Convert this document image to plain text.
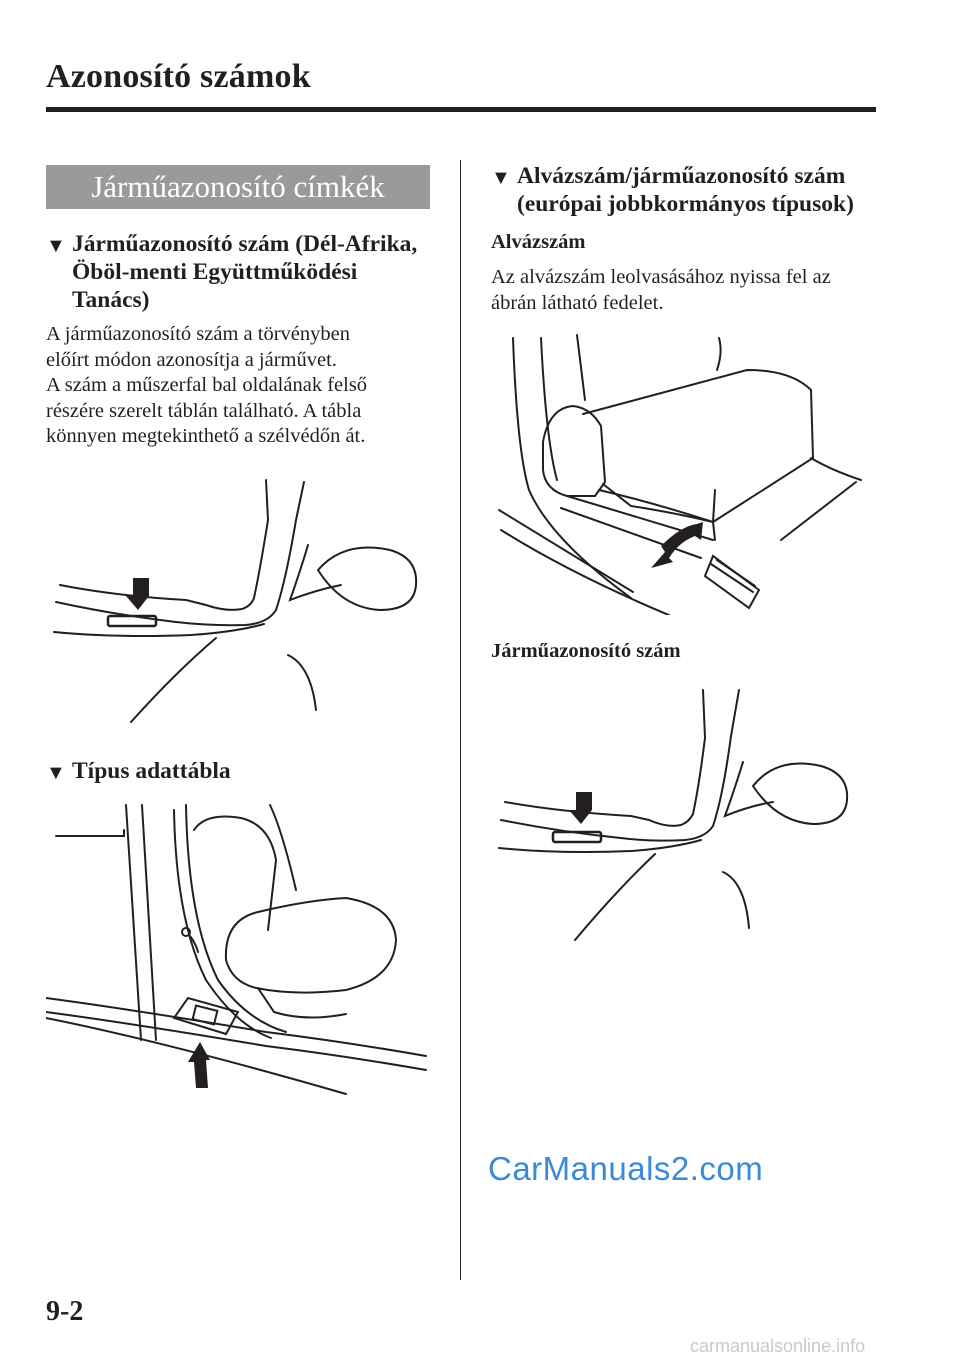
Azonosító számok
Járműazonosító címkék
▼ Járműazonosító szám (Dél-Afrika,
Öböl-menti Együttműködési
Tanács)
A járműazonosító szám a törvényben
előírt módon azonosítja a járművet.
A szám a műszerfal bal oldalának felső
részére szerelt táblán található. A tábla
könnyen megtekinthető a szélvédőn át.
▼ Típus adattábla
▼ Alvázszám/járműazonosító szám
(európai jobbkormányos típusok)
Alvázszám
Az alvázszám leolvasásához nyissa fel az
ábrán látható fedelet.
Járműazonosító szám
CarManuals2.com
9-2
carmanualsonline.info
